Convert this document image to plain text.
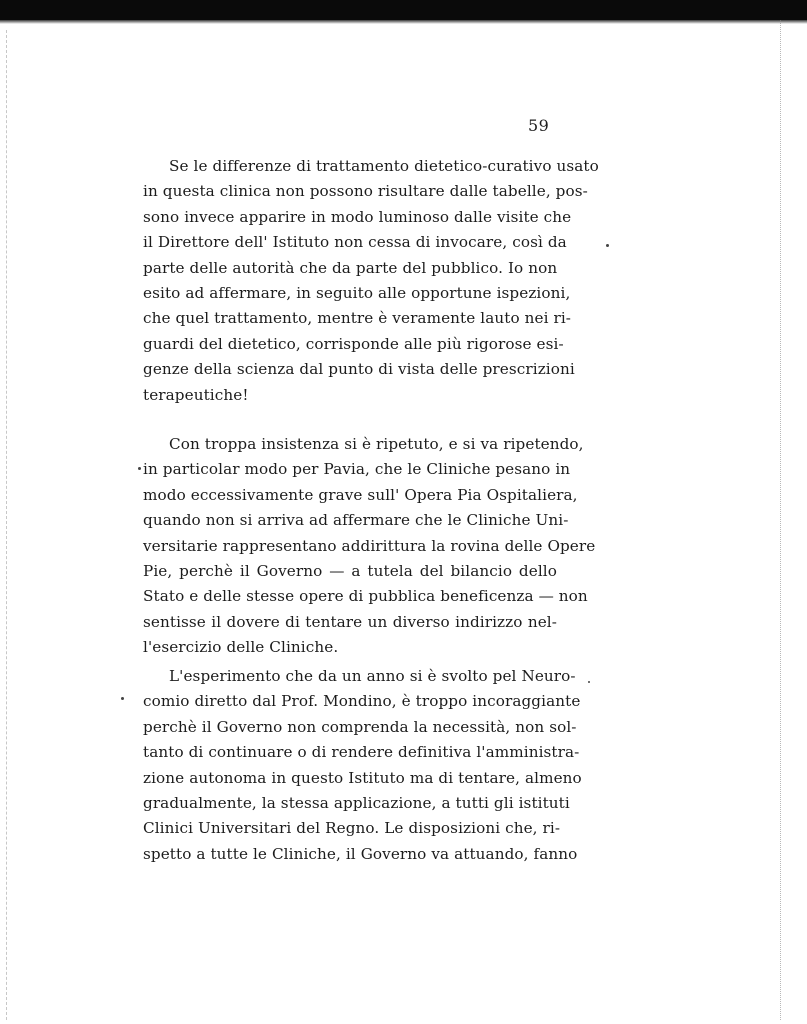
59
Se le differenze di trattamento dietetico-curativo usato
in questa clinica non possono risultare dalle tabelle, pos-
sono invece apparire in modo luminoso dalle visite che
il Direttore dell' Istituto non cessa di invocare, così da
parte delle autorità che da parte del pubblico. Io non
esito ad affermare, in seguito alle opportune ispezioni,
che quel trattamento, mentre è veramente lauto nei ri-
guardi del dietetico, corrisponde alle più rigorose esi-
genze della scienza dal punto di vista delle prescrizioni
terapeutiche!
Con troppa insistenza si è ripetuto, e si va ripetendo,
in particolar modo per Pavia, che le Cliniche pesano in
modo eccessivamente grave sull' Opera Pia Ospitaliera,
quando non si arriva ad affermare che le Cliniche Uni-
versitarie rappresentano addirittura la rovina delle Opere
Pie, perchè il Governo — a tutela del bilancio dello
Stato e delle stesse opere di pubblica beneficenza — non
sentisse il dovere di tentare un diverso indirizzo nel-
l'esercizio delle Cliniche.
L'esperimento che da un anno si è svolto pel Neuro-
comio diretto dal Prof. Mondino, è troppo incoraggiante
perchè il Governo non comprenda la necessità, non sol-
tanto di continuare o di rendere definitiva l'amministra-
zione autonoma in questo Istituto ma di tentare, almeno
gradualmente, la stessa applicazione, a tutti gli istituti
Clinici Universitari del Regno. Le disposizioni che, ri-
spetto a tutte le Cliniche, il Governo va attuando, fanno
